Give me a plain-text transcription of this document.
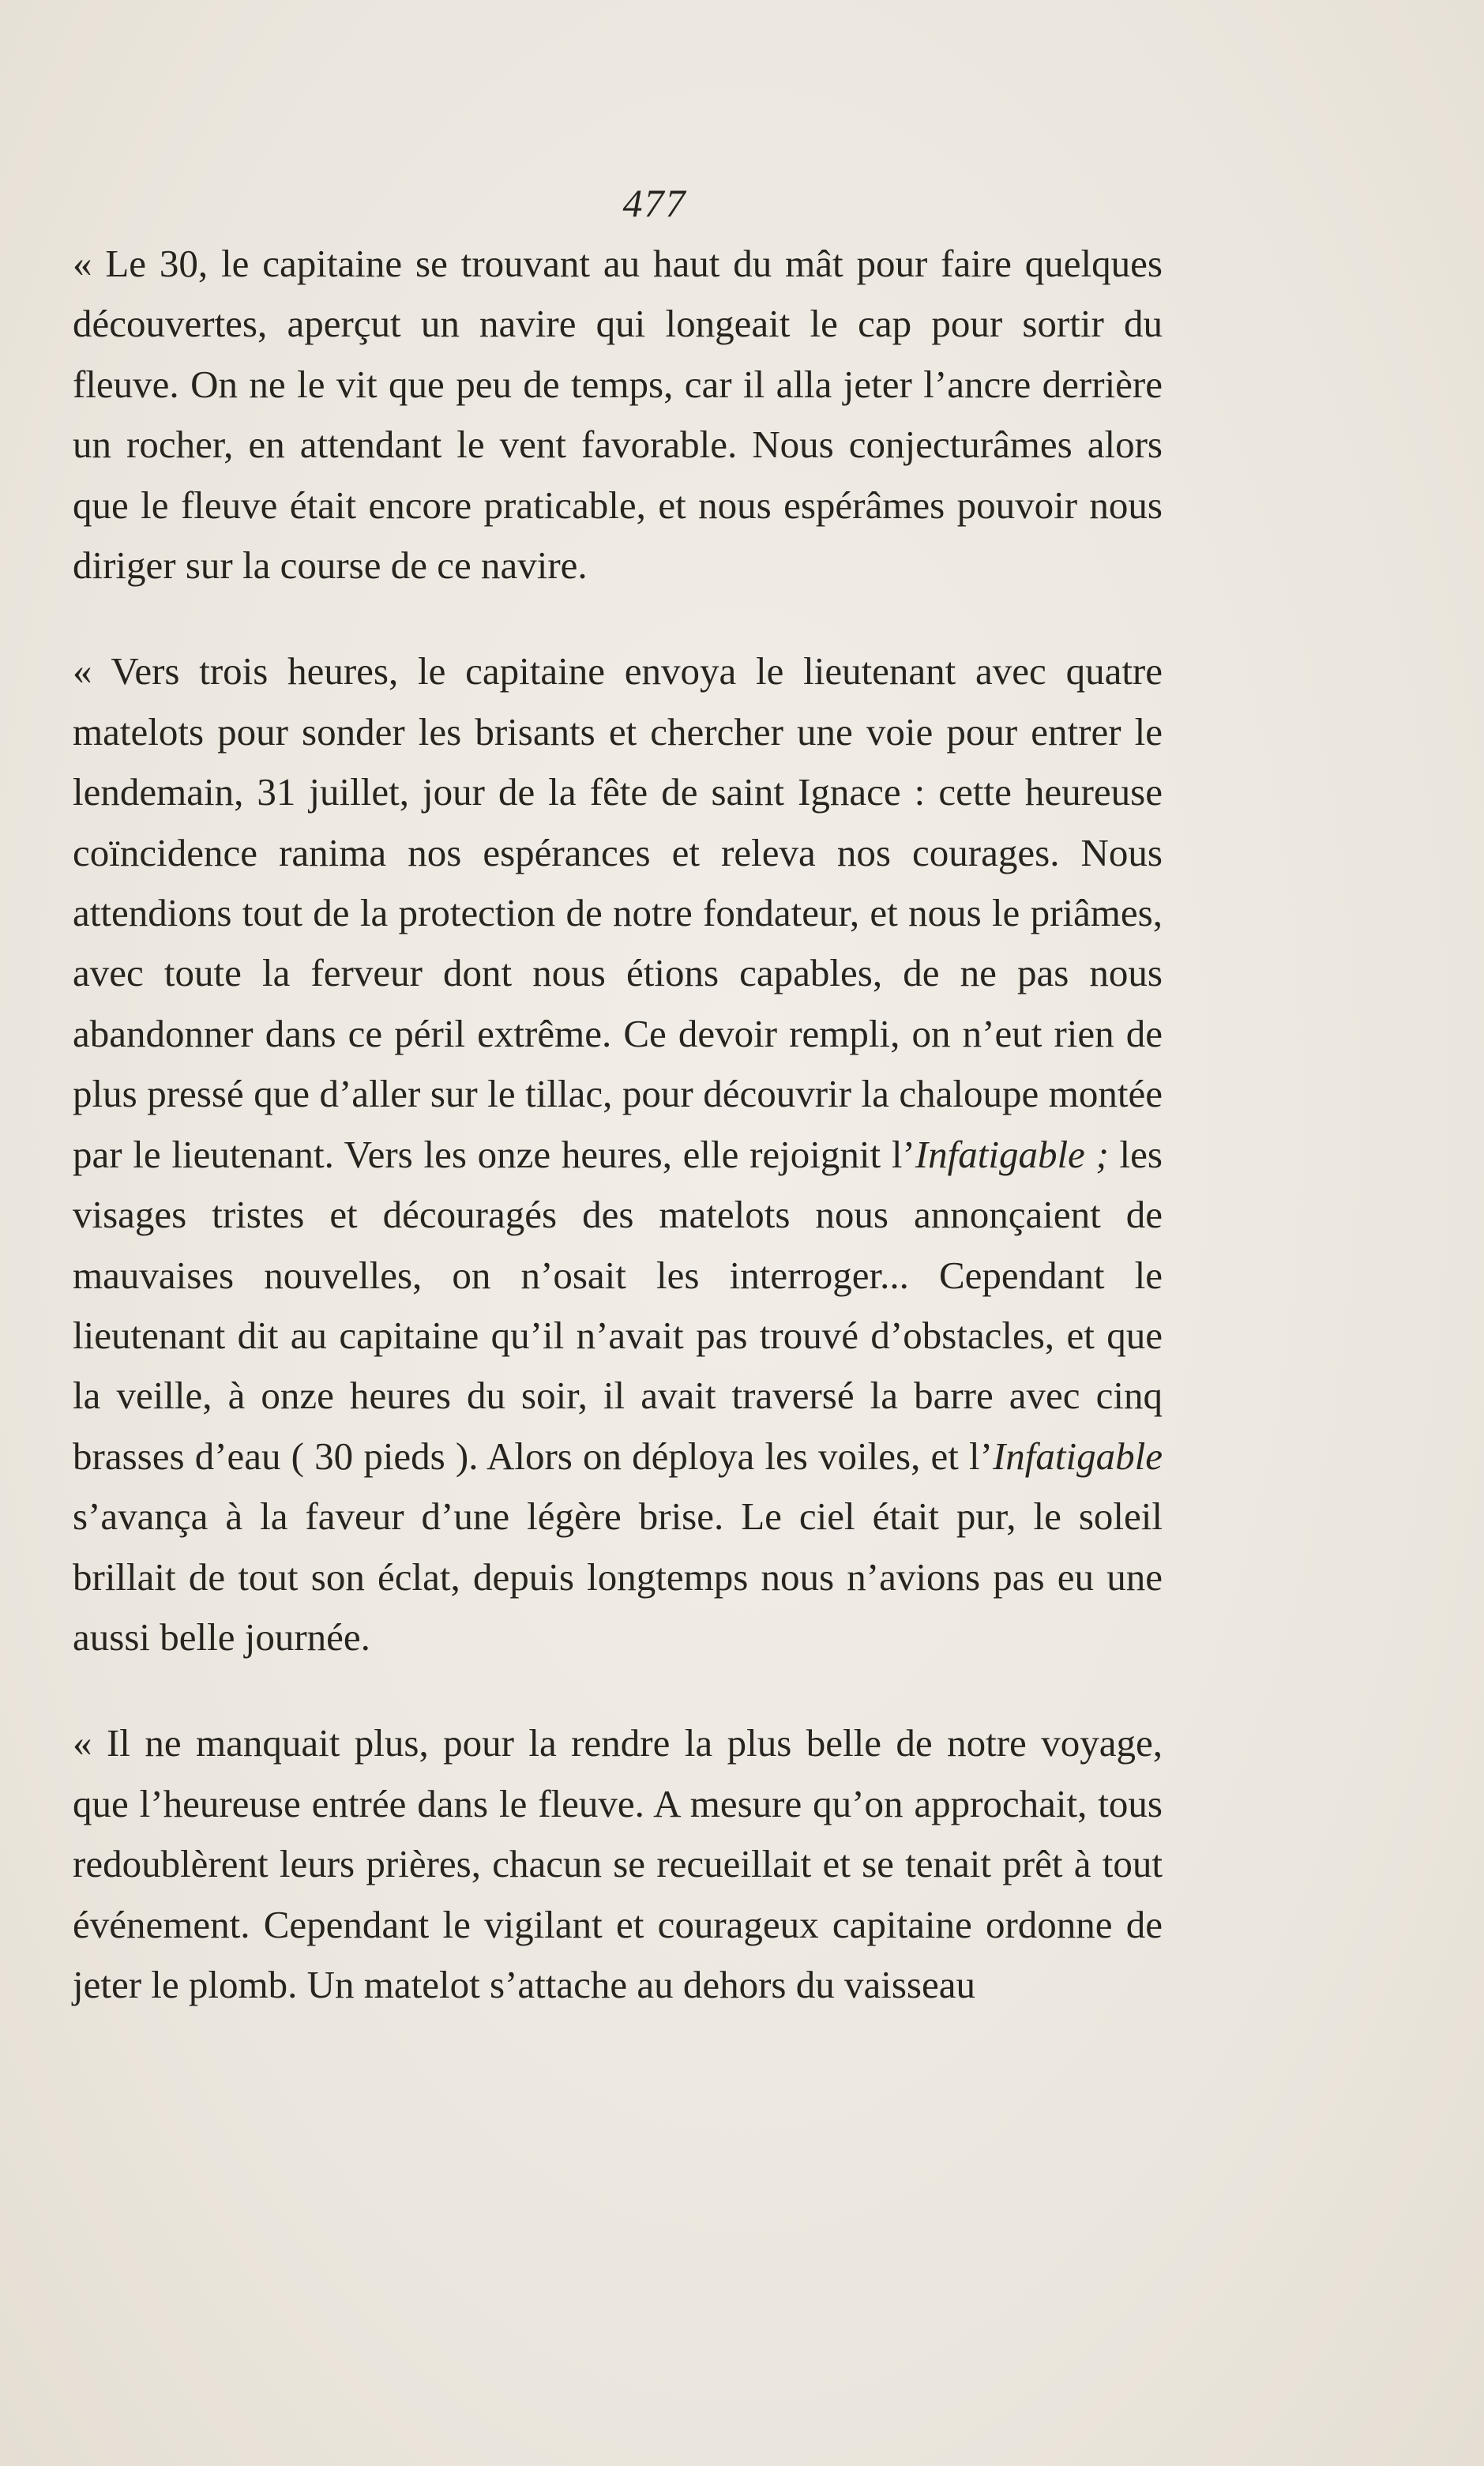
477

« Le 30, le capitaine se trouvant au haut du mât pour faire quelques découvertes, aperçut un navire qui longeait le cap pour sortir du fleuve. On ne le vit que peu de temps, car il alla jeter l’ancre derrière un rocher, en attendant le vent favorable. Nous conjecturâmes alors que le fleuve était encore praticable, et nous espérâmes pouvoir nous diriger sur la course de ce navire.

« Vers trois heures, le capitaine envoya le lieutenant avec quatre matelots pour sonder les brisants et chercher une voie pour entrer le lendemain, 31 juillet, jour de la fête de saint Ignace : cette heureuse coïncidence ranima nos espérances et releva nos courages. Nous attendions tout de la protection de notre fondateur, et nous le priâmes, avec toute la ferveur dont nous étions capables, de ne pas nous abandonner dans ce péril extrême. Ce devoir rempli, on n’eut rien de plus pressé que d’aller sur le tillac, pour découvrir la chaloupe montée par le lieutenant. Vers les onze heures, elle rejoignit l’Infatigable ; les visages tristes et découragés des matelots nous annonçaient de mauvaises nouvelles, on n’osait les interroger... Cependant le lieutenant dit au capitaine qu’il n’avait pas trouvé d’obstacles, et que la veille, à onze heures du soir, il avait traversé la barre avec cinq brasses d’eau ( 30 pieds ). Alors on déploya les voiles, et l’Infatigable s’avança à la faveur d’une légère brise. Le ciel était pur, le soleil brillait de tout son éclat, depuis longtemps nous n’avions pas eu une aussi belle journée.

« Il ne manquait plus, pour la rendre la plus belle de notre voyage, que l’heureuse entrée dans le fleuve. A mesure qu’on approchait, tous redoublèrent leurs prières, chacun se recueillait et se tenait prêt à tout événement. Cependant le vigilant et courageux capitaine ordonne de jeter le plomb. Un matelot s’attache au dehors du vaisseau
